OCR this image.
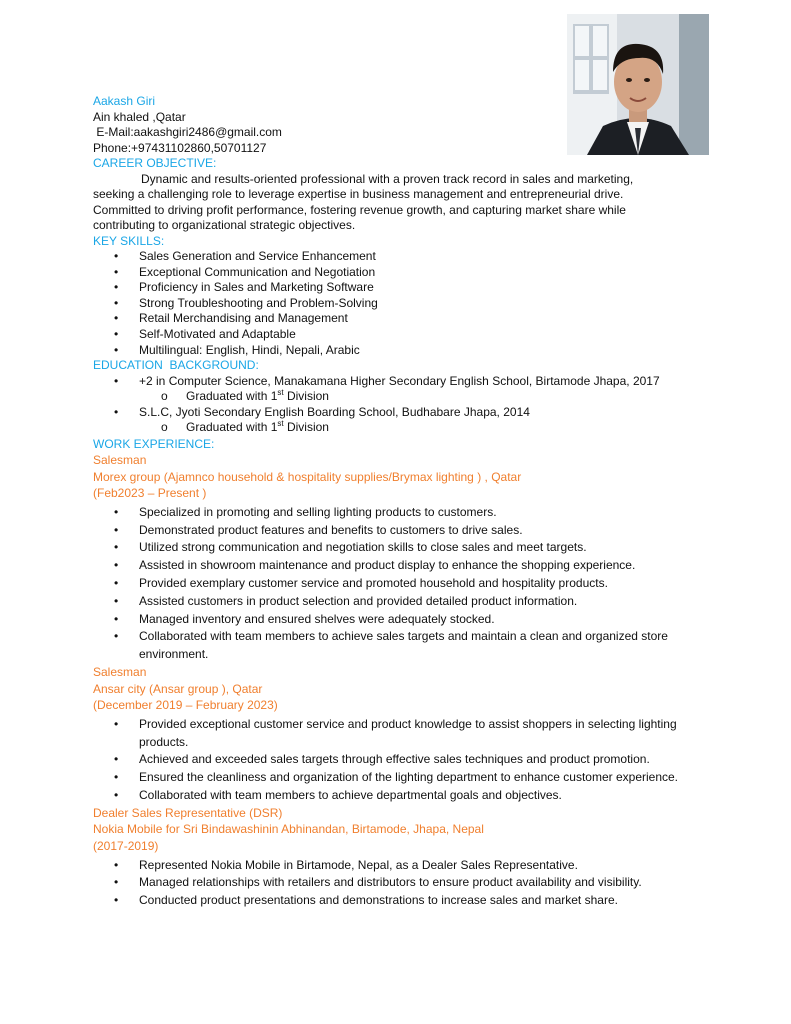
Aakash Giri

Ain khaled ,Qatar

E-Mail:aakashgiri2486@gmail.com

Phone:+97431102860,50701127

CAREER OBJECTIVE:

Dynamic and results-oriented professional with a proven track record in sales and marketing, seeking a challenging role to leverage expertise in business management and entrepreneurial drive. Committed to driving profit performance, fostering revenue growth, and capturing market share while contributing to organizational strategic objectives.

KEY SKILLS:

• Sales Generation and Service Enhancement
• Exceptional Communication and Negotiation
• Proficiency in Sales and Marketing Software
• Strong Troubleshooting and Problem-Solving
• Retail Merchandising and Management
• Self-Motivated and Adaptable
• Multilingual: English, Hindi, Nepali, Arabic

EDUCATION  BACKGROUND:

• +2 in Computer Science, Manakamana Higher Secondary English School, Birtamode Jhapa, 2017
o Graduated with 1st Division
• S.L.C, Jyoti Secondary English Boarding School, Budhabare Jhapa, 2014
o Graduated with 1st Division

WORK EXPERIENCE:

Salesman

Morex group (Ajamnco household & hospitality supplies/Brymax lighting ) , Qatar

(Feb2023 – Present )

• Specialized in promoting and selling lighting products to customers.
• Demonstrated product features and benefits to customers to drive sales.
• Utilized strong communication and negotiation skills to close sales and meet targets.
• Assisted in showroom maintenance and product display to enhance the shopping experience.
• Provided exemplary customer service and promoted household and hospitality products.
• Assisted customers in product selection and provided detailed product information.
• Managed inventory and ensured shelves were adequately stocked.
• Collaborated with team members to achieve sales targets and maintain a clean and organized store environment.

Salesman

Ansar city (Ansar group ), Qatar

(December 2019 – February 2023)

• Provided exceptional customer service and product knowledge to assist shoppers in selecting lighting products.
• Achieved and exceeded sales targets through effective sales techniques and product promotion.
• Ensured the cleanliness and organization of the lighting department to enhance customer experience.
• Collaborated with team members to achieve departmental goals and objectives.

Dealer Sales Representative (DSR)

Nokia Mobile for Sri Bindawashinin Abhinandan, Birtamode, Jhapa, Nepal

(2017-2019)

• Represented Nokia Mobile in Birtamode, Nepal, as a Dealer Sales Representative.
• Managed relationships with retailers and distributors to ensure product availability and visibility.
• Conducted product presentations and demonstrations to increase sales and market share.
